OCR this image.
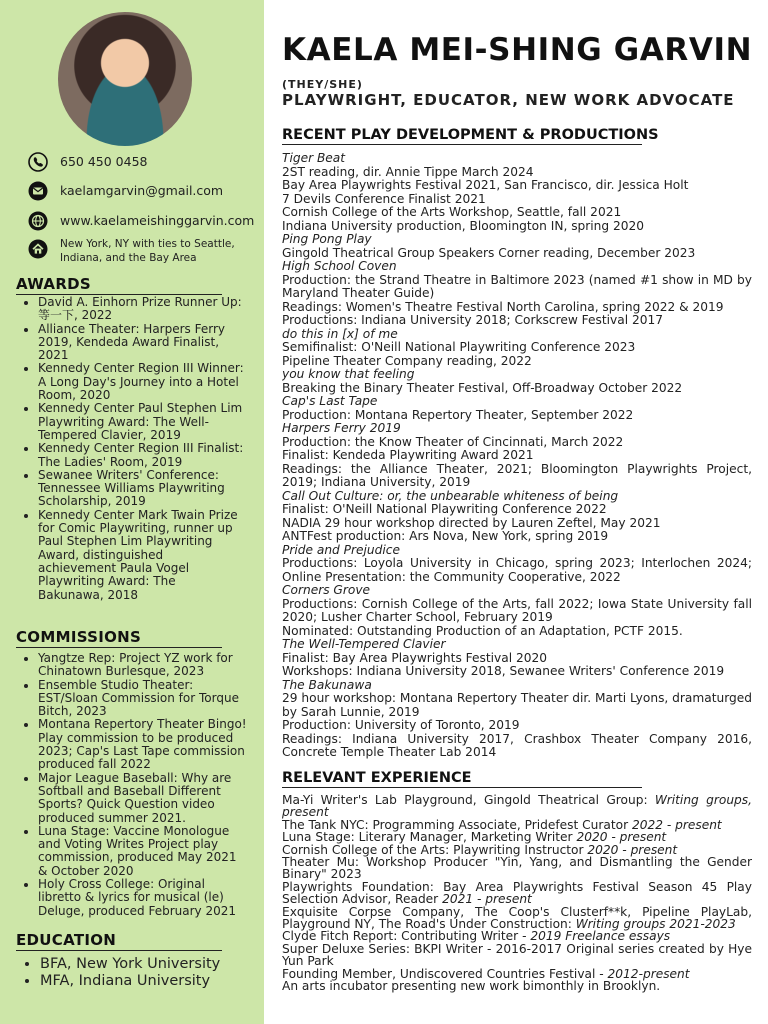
650 450 0458
kaelamgarvin@gmail.com
www.kaelameishinggarvin.com
New York, NY with ties to Seattle, Indiana, and the Bay Area
AWARDS
• David A. Einhorn Prize Runner Up: 等一下, 2022
• Alliance Theater: Harpers Ferry 2019, Kendeda Award Finalist, 2021
• Kennedy Center Region III Winner: A Long Day's Journey into a Hotel Room, 2020
• Kennedy Center Paul Stephen Lim Playwriting Award: The Well-Tempered Clavier, 2019
• Kennedy Center Region III Finalist: The Ladies' Room, 2019
• Sewanee Writers' Conference: Tennessee Williams Playwriting Scholarship, 2019
• Kennedy Center Mark Twain Prize for Comic Playwriting, runner up Paul Stephen Lim Playwriting Award, distinguished achievement Paula Vogel Playwriting Award: The Bakunawa, 2018
COMMISSIONS
• Yangtze Rep: Project YZ work for Chinatown Burlesque, 2023
• Ensemble Studio Theater: EST/Sloan Commission for Torque Bitch, 2023
• Montana Repertory Theater Bingo! Play commission to be produced 2023; Cap's Last Tape commission produced fall 2022
• Major League Baseball: Why are Softball and Baseball Different Sports? Quick Question video produced summer 2021.
• Luna Stage: Vaccine Monologue and Voting Writes Project play commission, produced May 2021 & October 2020
• Holy Cross College: Original libretto & lyrics for musical (le) Deluge, produced February 2021
EDUCATION
• BFA, New York University
• MFA, Indiana University
KAELA MEI-SHING GARVIN
(THEY/SHE)
PLAYWRIGHT, EDUCATOR, NEW WORK ADVOCATE
RECENT PLAY DEVELOPMENT & PRODUCTIONS
Tiger Beat
2ST reading, dir. Annie Tippe March 2024
Bay Area Playwrights Festival 2021, San Francisco, dir. Jessica Holt
7 Devils Conference Finalist 2021
Cornish College of the Arts Workshop, Seattle, fall 2021
Indiana University production, Bloomington IN, spring 2020
Ping Pong Play
Gingold Theatrical Group Speakers Corner reading, December 2023
High School Coven
Production: the Strand Theatre in Baltimore 2023 (named #1 show in MD by Maryland Theater Guide)
Readings: Women's Theatre Festival North Carolina, spring 2022 & 2019
Productions: Indiana University 2018; Corkscrew Festival 2017
do this in [x] of me
Semifinalist: O'Neill National Playwriting Conference 2023
Pipeline Theater Company reading, 2022
you know that feeling
Breaking the Binary Theater Festival, Off-Broadway October 2022
Cap's Last Tape
Production: Montana Repertory Theater, September 2022
Harpers Ferry 2019
Production: the Know Theater of Cincinnati, March 2022
Finalist: Kendeda Playwriting Award 2021
Readings: the Alliance Theater, 2021; Bloomington Playwrights Project, 2019; Indiana University, 2019
Call Out Culture: or, the unbearable whiteness of being
Finalist: O'Neill National Playwriting Conference 2022
NADIA 29 hour workshop directed by Lauren Zeftel, May 2021
ANTFest production: Ars Nova, New York, spring 2019
Pride and Prejudice
Productions: Loyola University in Chicago, spring 2023; Interlochen 2024; Online Presentation: the Community Cooperative, 2022
Corners Grove
Productions: Cornish College of the Arts, fall 2022; Iowa State University fall 2020; Lusher Charter School, February 2019
Nominated: Outstanding Production of an Adaptation, PCTF 2015.
The Well-Tempered Clavier
Finalist: Bay Area Playwrights Festival 2020
Workshops: Indiana University 2018, Sewanee Writers' Conference 2019
The Bakunawa
29 hour workshop: Montana Repertory Theater dir. Marti Lyons, dramaturged by Sarah Lunnie, 2019
Production: University of Toronto, 2019
Readings: Indiana University 2017, Crashbox Theater Company 2016, Concrete Temple Theater Lab 2014
RELEVANT EXPERIENCE
Ma-Yi Writer's Lab Playground, Gingold Theatrical Group: Writing groups, present
The Tank NYC: Programming Associate, Pridefest Curator 2022 - present
Luna Stage: Literary Manager, Marketing Writer 2020 - present
Cornish College of the Arts: Playwriting Instructor 2020 - present
Theater Mu: Workshop Producer "Yin, Yang, and Dismantling the Gender Binary" 2023
Playwrights Foundation: Bay Area Playwrights Festival Season 45 Play Selection Advisor, Reader 2021 - present
Exquisite Corpse Company, The Coop's Clusterf**k, Pipeline PlayLab, Playground NY, The Road's Under Construction: Writing groups 2021-2023
Clyde Fitch Report: Contributing Writer - 2019 Freelance essays
Super Deluxe Series: BKPI Writer - 2016-2017 Original series created by Hye Yun Park
Founding Member, Undiscovered Countries Festival - 2012-present
An arts incubator presenting new work bimonthly in Brooklyn.
